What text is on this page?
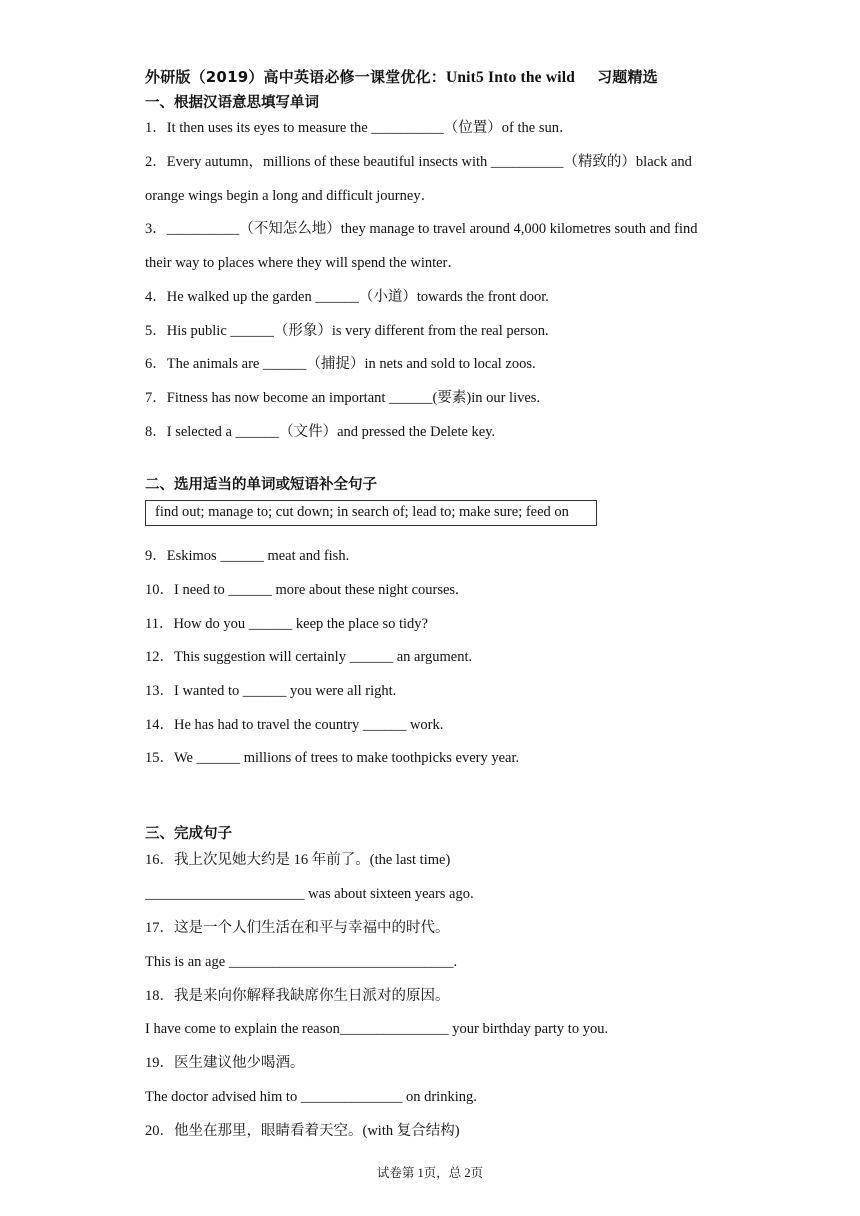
外研版（2019）高中英语必修一课堂优化：Unit5 Into the wild 习题精选
一、根据汉语意思填写单词
1．It then uses its eyes to measure the __________（位置）of the sun．
2．Every autumn，millions of these beautiful insects with __________（精致的）black and
orange wings begin a long and difficult journey．
3．__________（不知怎么地）they manage to travel around 4,000 kilometres south and find
their way to places where they will spend the winter．
4．He walked up the garden ______（小道）towards the front door.
5．His public ______（形象）is very different from the real person.
6．The animals are ______（捕捉）in nets and sold to local zoos.
7．Fitness has now become an important ______(要素)in our lives.
8．I selected a ______（文件）and pressed the Delete key.
二、选用适当的单词或短语补全句子
find out; manage to; cut down; in search of; lead to; make sure; feed on
9．Eskimos ______ meat and fish.
10．I need to ______ more about these night courses.
11．How do you ______ keep the place so tidy?
12．This suggestion will certainly ______ an argument.
13．I wanted to ______ you were all right.
14．He has had to travel the country ______ work.
15．We ______ millions of trees to make toothpicks every year.
三、完成句子
16．我上次见她大约是 16 年前了。(the last time)
______________________ was about sixteen years ago.
17．这是一个人们生活在和平与幸福中的时代。
This is an age _______________________________.
18．我是来向你解释我缺席你生日派对的原因。
I have come to explain the reason_______________ your birthday party to you.
19．医生建议他少喝酒。
The doctor advised him to ______________ on drinking.
20．他坐在那里，眼睛看着天空。(with 复合结构)
试卷第 1页，总 2页
